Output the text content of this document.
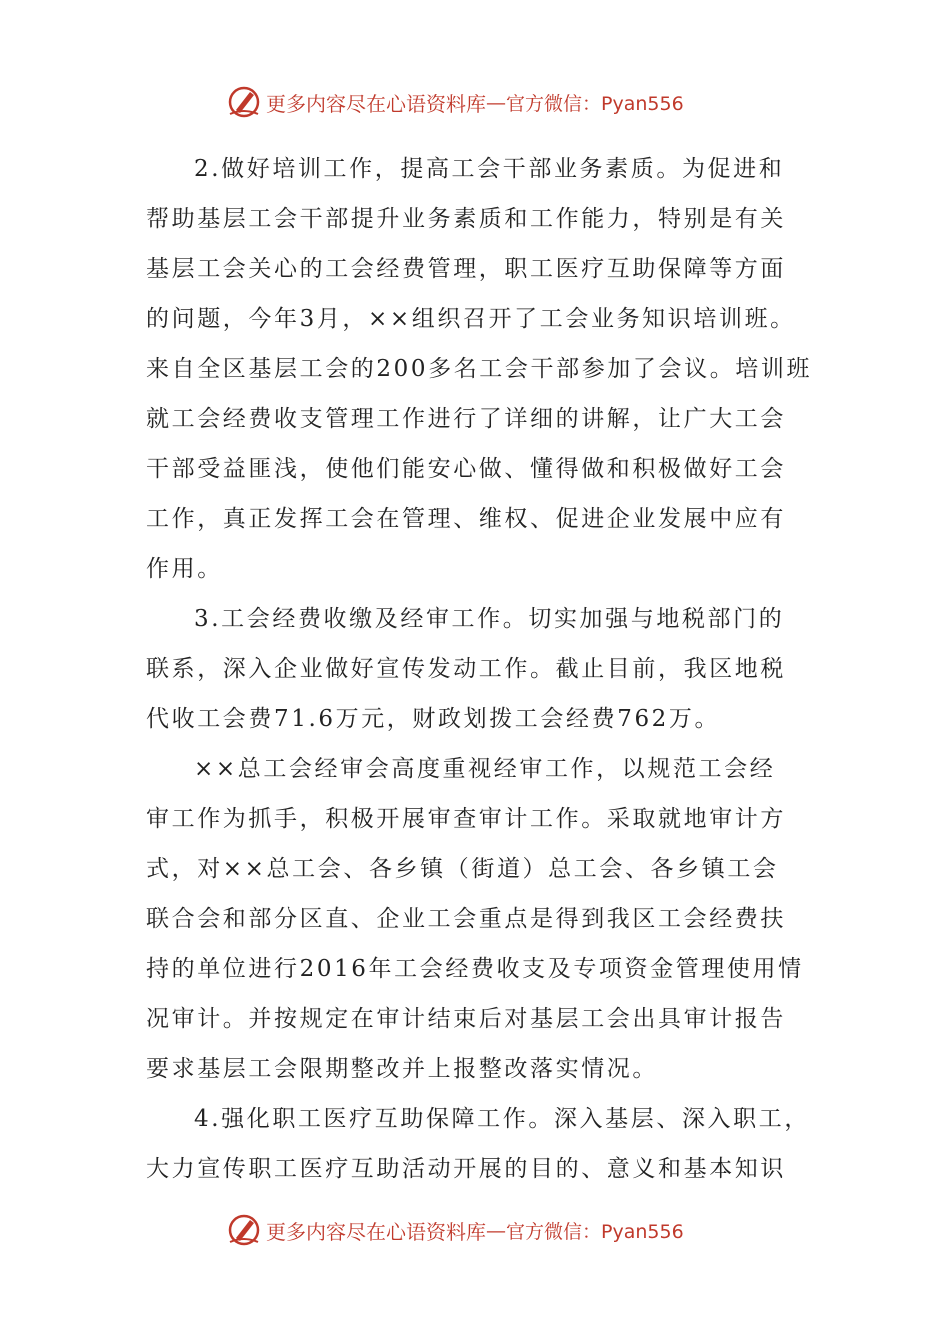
更多内容尽在心语资料库 — 官方微信：Pyan556
2.做好培训工作，提高工会干部业务素质。为促进和
帮助基层工会干部提升业务素质和工作能力，特别是有关
基层工会关心的工会经费管理，职工医疗互助保障等方面
的问题，今年3月，××组织召开了工会业务知识培训班。
来自全区基层工会的200多名工会干部参加了会议。培训班
就工会经费收支管理工作进行了详细的讲解，让广大工会
干部受益匪浅，使他们能安心做、懂得做和积极做好工会
工作，真正发挥工会在管理、维权、促进企业发展中应有
作用。
3.工会经费收缴及经审工作。切实加强与地税部门的
联系，深入企业做好宣传发动工作。截止目前，我区地税
代收工会费71.6万元，财政划拨工会经费762万。
××总工会经审会高度重视经审工作，以规范工会经
审工作为抓手，积极开展审查审计工作。采取就地审计方
式，对××总工会、各乡镇（街道）总工会、各乡镇工会
联合会和部分区直、企业工会重点是得到我区工会经费扶
持的单位进行2016年工会经费收支及专项资金管理使用情
况审计。并按规定在审计结束后对基层工会出具审计报告
要求基层工会限期整改并上报整改落实情况。
4.强化职工医疗互助保障工作。深入基层、深入职工，
大力宣传职工医疗互助活动开展的目的、意义和基本知识
更多内容尽在心语资料库 — 官方微信：Pyan556
